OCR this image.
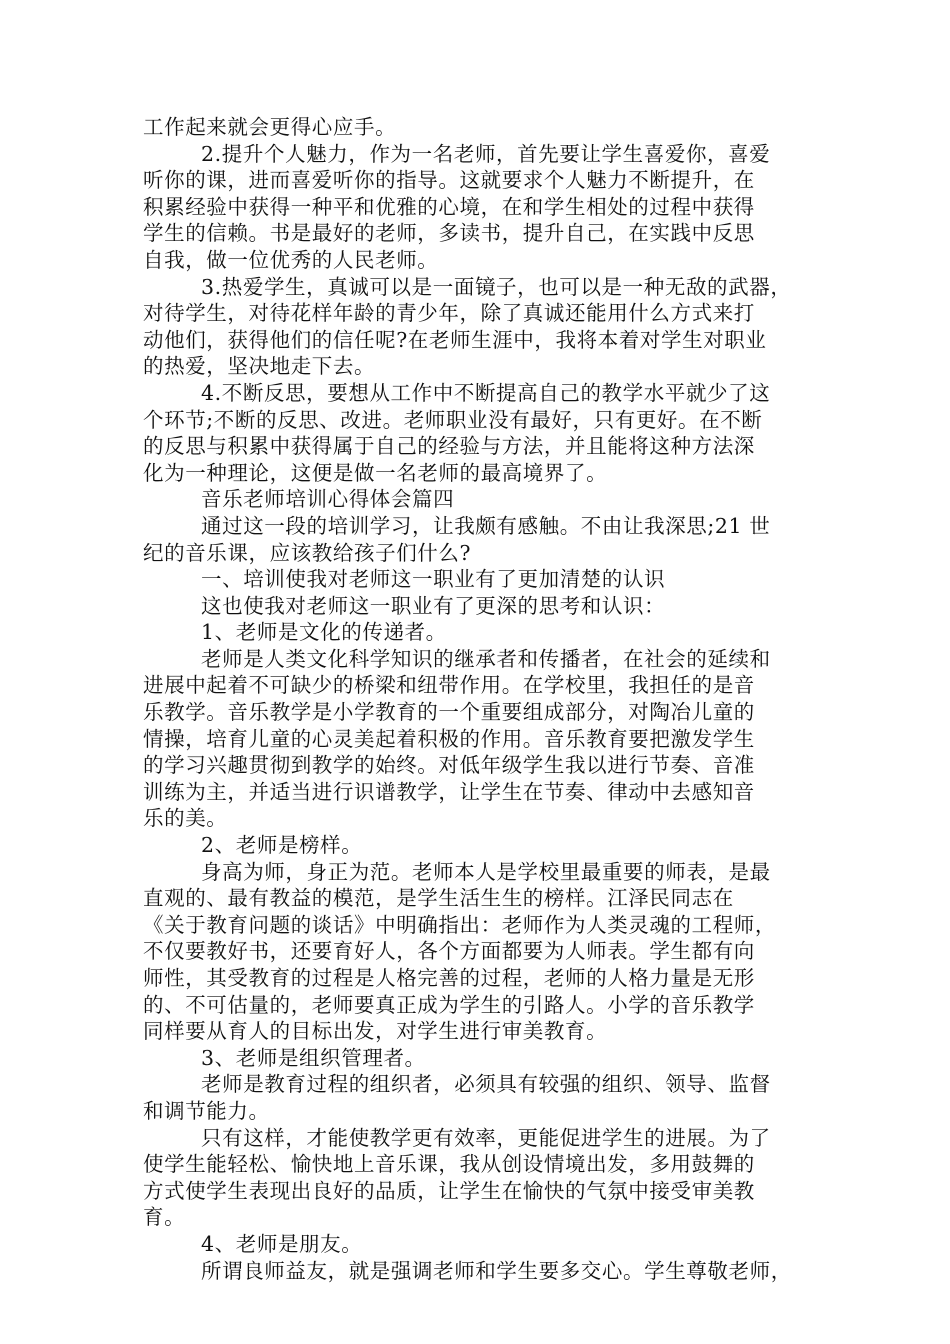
工作起来就会更得心应手。
2.提升个人魅力，作为一名老师，首先要让学生喜爱你，喜爱
听你的课，进而喜爱听你的指导。这就要求个人魅力不断提升，在
积累经验中获得一种平和优雅的心境，在和学生相处的过程中获得
学生的信赖。书是最好的老师，多读书，提升自己，在实践中反思
自我，做一位优秀的人民老师。
3.热爱学生，真诚可以是一面镜子，也可以是一种无敌的武器，
对待学生，对待花样年龄的青少年，除了真诚还能用什么方式来打
动他们，获得他们的信任呢?在老师生涯中，我将本着对学生对职业
的热爱，坚决地走下去。
4.不断反思，要想从工作中不断提高自己的教学水平就少了这
个环节;不断的反思、改进。老师职业没有最好，只有更好。在不断
的反思与积累中获得属于自己的经验与方法，并且能将这种方法深
化为一种理论，这便是做一名老师的最高境界了。
音乐老师培训心得体会篇四
通过这一段的培训学习，让我颇有感触。不由让我深思;21 世
纪的音乐课，应该教给孩子们什么?
一、培训使我对老师这一职业有了更加清楚的认识
这也使我对老师这一职业有了更深的思考和认识：
1、老师是文化的传递者。
老师是人类文化科学知识的继承者和传播者，在社会的延续和
进展中起着不可缺少的桥梁和纽带作用。在学校里，我担任的是音
乐教学。音乐教学是小学教育的一个重要组成部分，对陶冶儿童的
情操，培育儿童的心灵美起着积极的作用。音乐教育要把激发学生
的学习兴趣贯彻到教学的始终。对低年级学生我以进行节奏、音准
训练为主，并适当进行识谱教学，让学生在节奏、律动中去感知音
乐的美。
2、老师是榜样。
身高为师，身正为范。老师本人是学校里最重要的师表，是最
直观的、最有教益的模范，是学生活生生的榜样。江泽民同志在
《关于教育问题的谈话》中明确指出：老师作为人类灵魂的工程师，
不仅要教好书，还要育好人，各个方面都要为人师表。学生都有向
师性，其受教育的过程是人格完善的过程，老师的人格力量是无形
的、不可估量的，老师要真正成为学生的引路人。小学的音乐教学
同样要从育人的目标出发，对学生进行审美教育。
3、老师是组织管理者。
老师是教育过程的组织者，必须具有较强的组织、领导、监督
和调节能力。
只有这样，才能使教学更有效率，更能促进学生的进展。为了
使学生能轻松、愉快地上音乐课，我从创设情境出发，多用鼓舞的
方式使学生表现出良好的品质，让学生在愉快的气氛中接受审美教
育。
4、老师是朋友。
所谓良师益友，就是强调老师和学生要多交心。学生尊敬老师，
